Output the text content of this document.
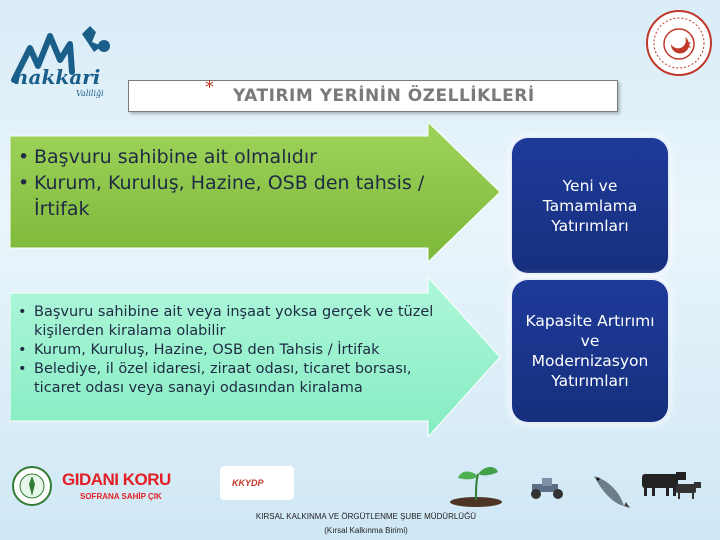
hakkari
Valiliği	* YATIRIM YERİNİN ÖZELLİKLERİ
• Başvuru sahibine ait olmalıdır
• Kurum, Kuruluş, Hazine, OSB den tahsis / İrtifak
• Başvuru sahibine ait veya inşaat yoksa gerçek ve tüzel kişilerden kiralama olabilir
• Kurum, Kuruluş, Hazine, OSB den Tahsis / İrtifak
• Belediye, il özel idaresi, ziraat odası, ticaret borsası, ticaret odası veya sanayi odasından kiralama
Yeni ve Tamamlama Yatırımları
Kapasite Artırımı ve Modernizasyon Yatırımları
GIDANI KORU
SOFRANA SAHİP ÇIK
KKYDP
KIRSAL KALKINMA VE ÖRGÜTLENME ŞUBE MÜDÜRLÜĞÜ
(Kırsal Kalkınma Birimi)
